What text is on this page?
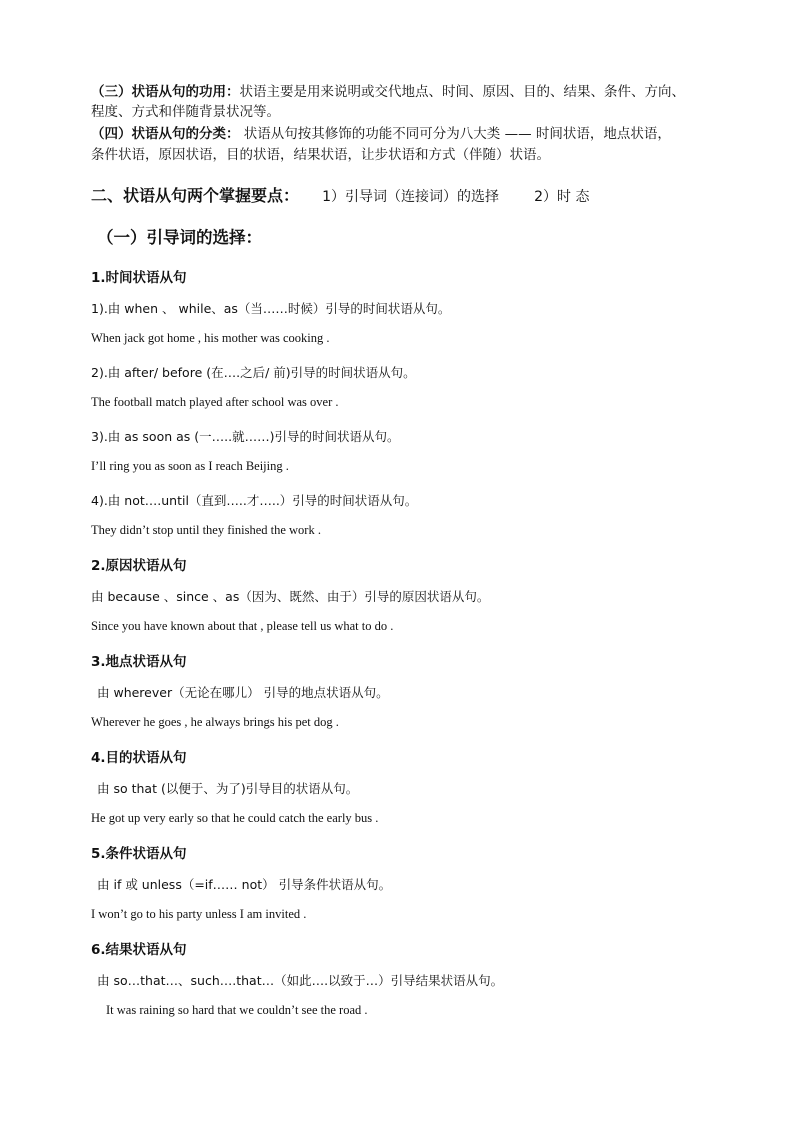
（三）状语从句的功用：状语主要是用来说明或交代地点、时间、原因、目的、结果、条件、方向、
程度、方式和伴随背景状况等。
（四）状语从句的分类： 状语从句按其修饰的功能不同可分为八大类 —— 时间状语，地点状语，
条件状语，原因状语，目的状语，结果状语，让步状语和方式（伴随）状语。
二、状语从句两个掌握要点： 1）引导词（连接词）的选择	2）时 态
（一）引导词的选择：
1.时间状语从句
1).由 when 、 while、as（当……时候）引导的时间状语从句。
When jack got home , his mother was cooking .
2).由 after/ before (在….之后/ 前)引导的时间状语从句。
The football match played after school was over .
3).由 as soon as (一…..就……)引导的时间状语从句。
I’ll ring you as soon as I reach Beijing .
4).由 not….until（直到…..才…..）引导的时间状语从句。
They didn’t stop until they finished the work .
2.原因状语从句
由 because 、since 、as（因为、既然、由于）引导的原因状语从句。
Since you have known about that , please tell us what to do .
3.地点状语从句
由 wherever（无论在哪儿） 引导的地点状语从句。
Wherever he goes , he always brings his pet dog .
4.目的状语从句
由 so that (以便于、为了)引导目的状语从句。
He got up very early so that he could catch the early bus .
5.条件状语从句
由 if 或 unless（=if…… not） 引导条件状语从句。
I won’t go to his party unless I am invited .
6.结果状语从句
由 so…that…、such….that…（如此….以致于…）引导结果状语从句。
It was raining so hard that we couldn’t see the road .
